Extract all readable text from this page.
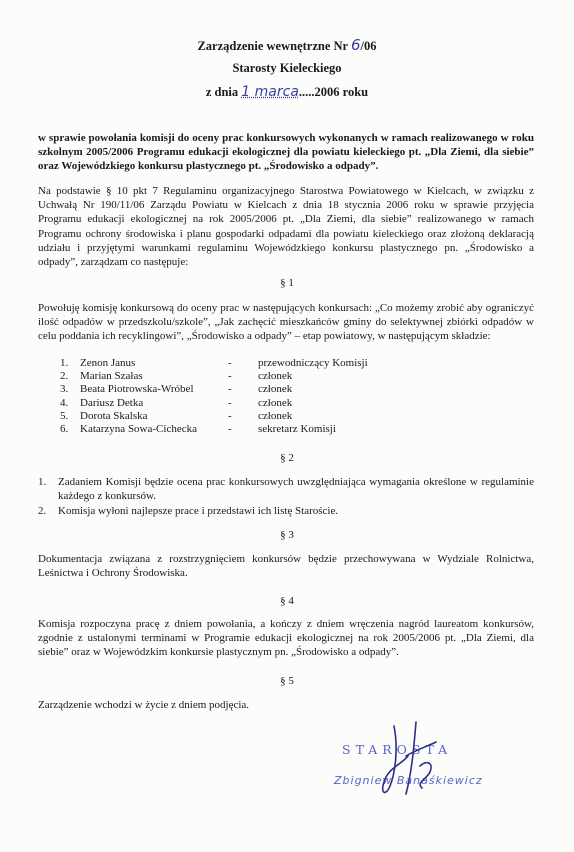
Zarządzenie wewnętrzne Nr 6/06
Starosty Kieleckiego
z dnia 1 marca.....2006 roku
w sprawie powołania komisji do oceny prac konkursowych wykonanych w ramach realizowanego w roku szkolnym 2005/2006 Programu edukacji ekologicznej dla powiatu kieleckiego pt. „Dla Ziemi, dla siebie” oraz Wojewódzkiego konkursu plastycznego pt. „Środowisko a odpady”.
Na podstawie § 10 pkt 7 Regulaminu organizacyjnego Starostwa Powiatowego w Kielcach, w związku z Uchwałą Nr 190/11/06 Zarządu Powiatu w Kielcach z dnia 18 stycznia 2006 roku w sprawie przyjęcia Programu edukacji ekologicznej na rok 2005/2006 pt. „Dla Ziemi, dla siebie” realizowanego w ramach Programu ochrony środowiska i planu gospodarki odpadami dla powiatu kieleckiego oraz złożoną deklaracją udziału i przyjętymi warunkami regulaminu Wojewódzkiego konkursu plastycznego pn. „Środowisko a odpady”, zarządzam co następuje:
§ 1
Powołuję komisję konkursową do oceny prac w następujących konkursach: „Co możemy zrobić aby ograniczyć ilość odpadów w przedszkolu/szkole”, „Jak zachęcić mieszkańców gminy do selektywnej zbiórki odpadów w celu poddania ich recyklingowi”, „Środowisko a odpady” – etap powiatowy, w następującym składzie:
1.	Zenon Janus	-	przewodniczący Komisji
2.	Marian Szałas	-	członek
3.	Beata Piotrowska-Wróbel	-	członek
4.	Dariusz Detka	-	członek
5.	Dorota Skalska	-	członek
6.	Katarzyna Sowa-Cichecka	-	sekretarz Komisji
§ 2
1. Zadaniem Komisji będzie ocena prac konkursowych uwzględniająca wymagania określone w regulaminie każdego z konkursów.
2. Komisja wyłoni najlepsze prace i przedstawi ich listę Staroście.
§ 3
Dokumentacja związana z rozstrzygnięciem konkursów będzie przechowywana w Wydziale Rolnictwa, Leśnictwa i Ochrony Środowiska.
§ 4
Komisja rozpoczyna pracę z dniem powołania, a kończy z dniem wręczenia nagród laureatom konkursów, zgodnie z ustalonymi terminami w Programie edukacji ekologicznej na rok 2005/2006 pt. „Dla Ziemi, dla siebie” oraz w Wojewódzkim konkursie plastycznym pn. „Środowisko a odpady”.
§ 5
Zarządzenie wchodzi w życie z dniem podjęcia.
STAROSTA
Zbigniew Banaśkiewicz
